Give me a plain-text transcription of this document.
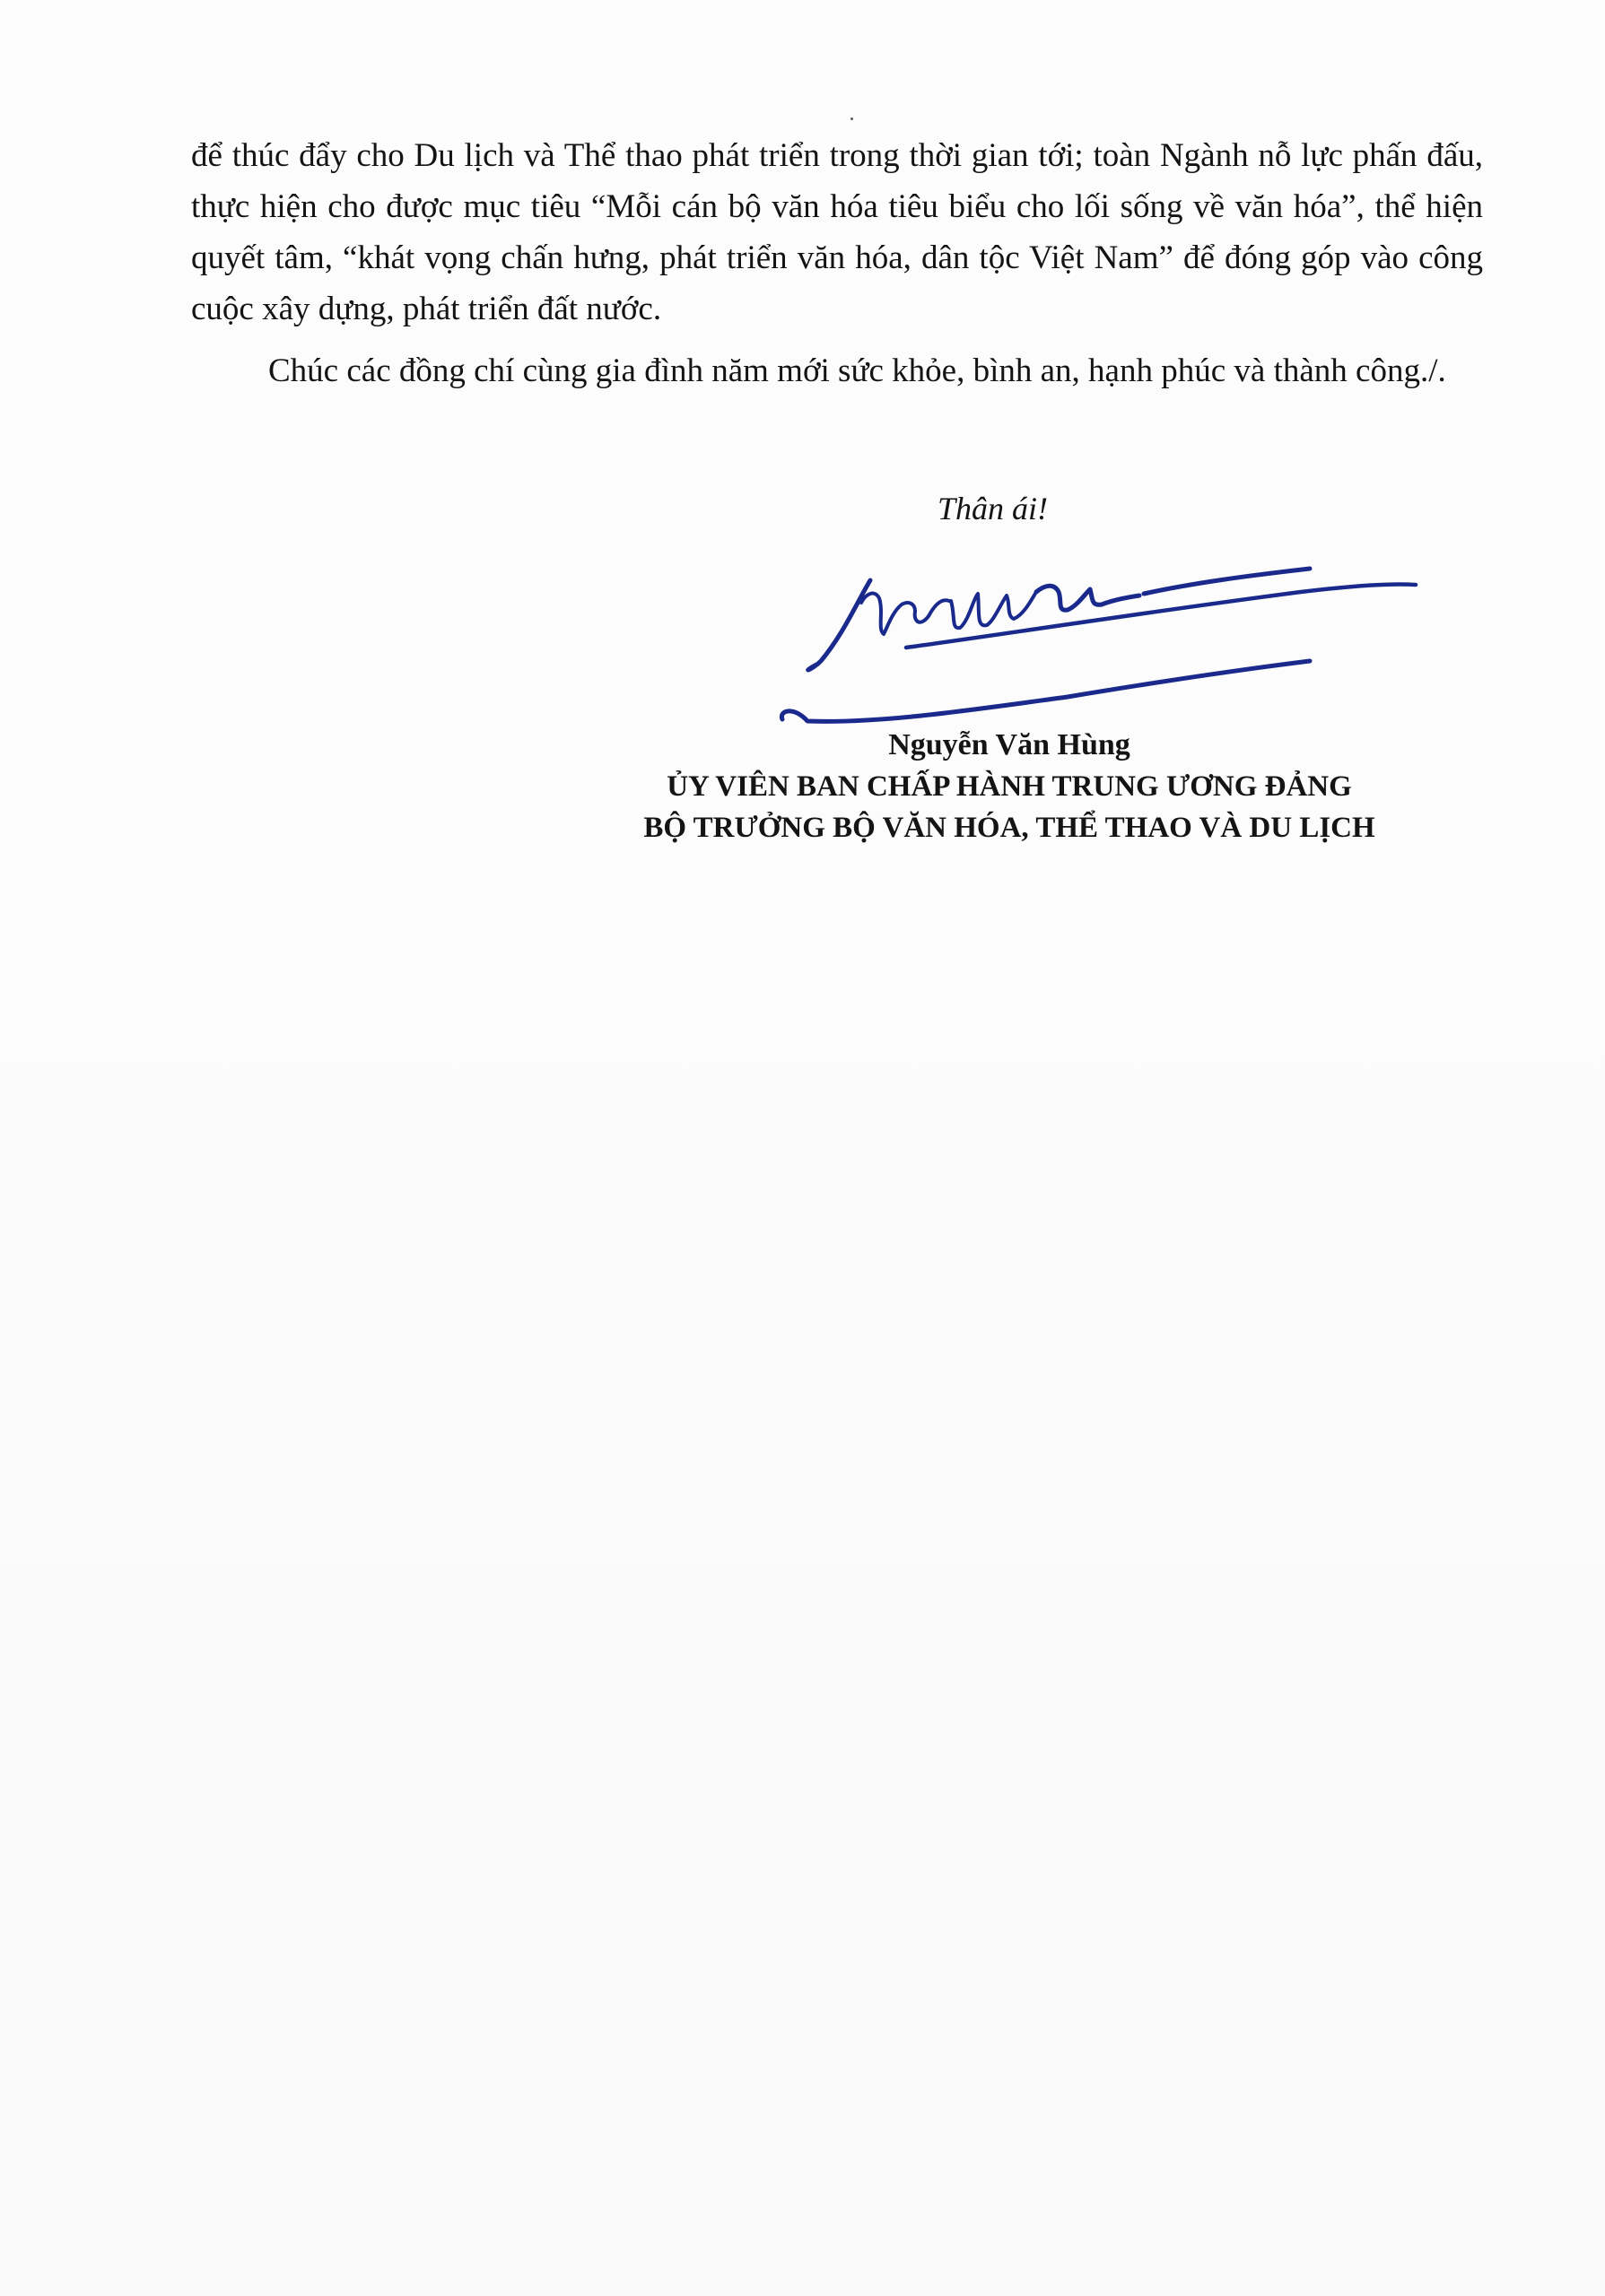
để thúc đẩy cho Du lịch và Thể thao phát triển trong thời gian tới; toàn Ngành nỗ lực phấn đấu, thực hiện cho được mục tiêu “Mỗi cán bộ văn hóa tiêu biểu cho lối sống về văn hóa”, thể hiện quyết tâm, “khát vọng chấn hưng, phát triển văn hóa, dân tộc Việt Nam” để đóng góp vào công cuộc xây dựng, phát triển đất nước.

Chúc các đồng chí cùng gia đình năm mới sức khỏe, bình an, hạnh phúc và thành công./.

Thân ái!
Nguyễn Văn Hùng
ỦY VIÊN BAN CHẤP HÀNH TRUNG ƯƠNG ĐẢNG
BỘ TRƯỞNG BỘ VĂN HÓA, THỂ THAO VÀ DU LỊCH
